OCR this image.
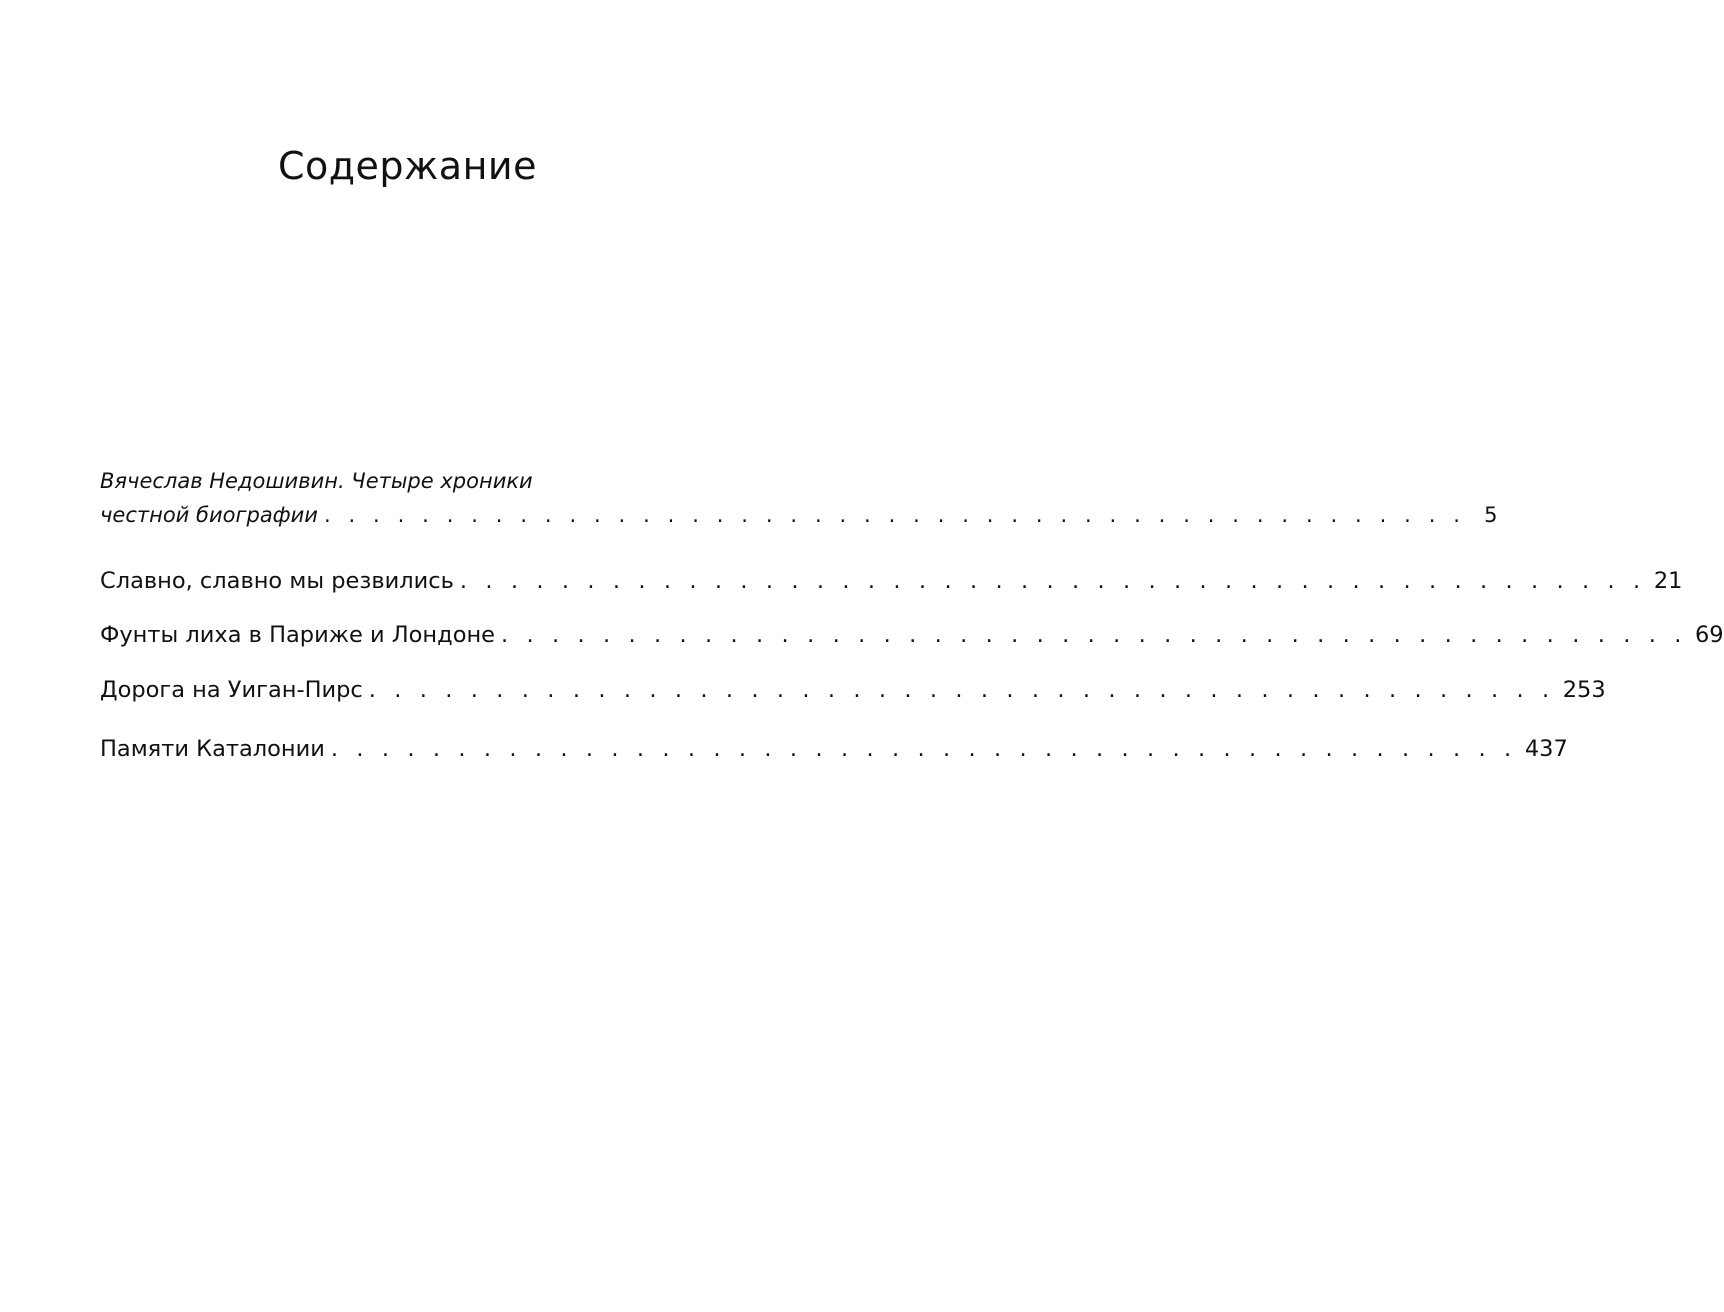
Содержание
Вячеслав Недошивин. Четыре хроники
честной биографии . . . . . . . . . . . . . . . . . . . . . . . . . . . . . . . . . . . . . . . . . . . . . . . 5
Славно, славно мы резвились . . . . . . . . . . . . . . . . . . . . . . . . . . . . . . . . . . . . . . . . . . . . . . . 21
Фунты лиха в Париже и Лондоне . . . . . . . . . . . . . . . . . . . . . . . . . . . . . . . . . . . . . . . . . . . . . . . 69
Дорога на Уиган-Пирс . . . . . . . . . . . . . . . . . . . . . . . . . . . . . . . . . . . . . . . . . . . . . . . 253
Памяти Каталонии . . . . . . . . . . . . . . . . . . . . . . . . . . . . . . . . . . . . . . . . . . . . . . . 437
